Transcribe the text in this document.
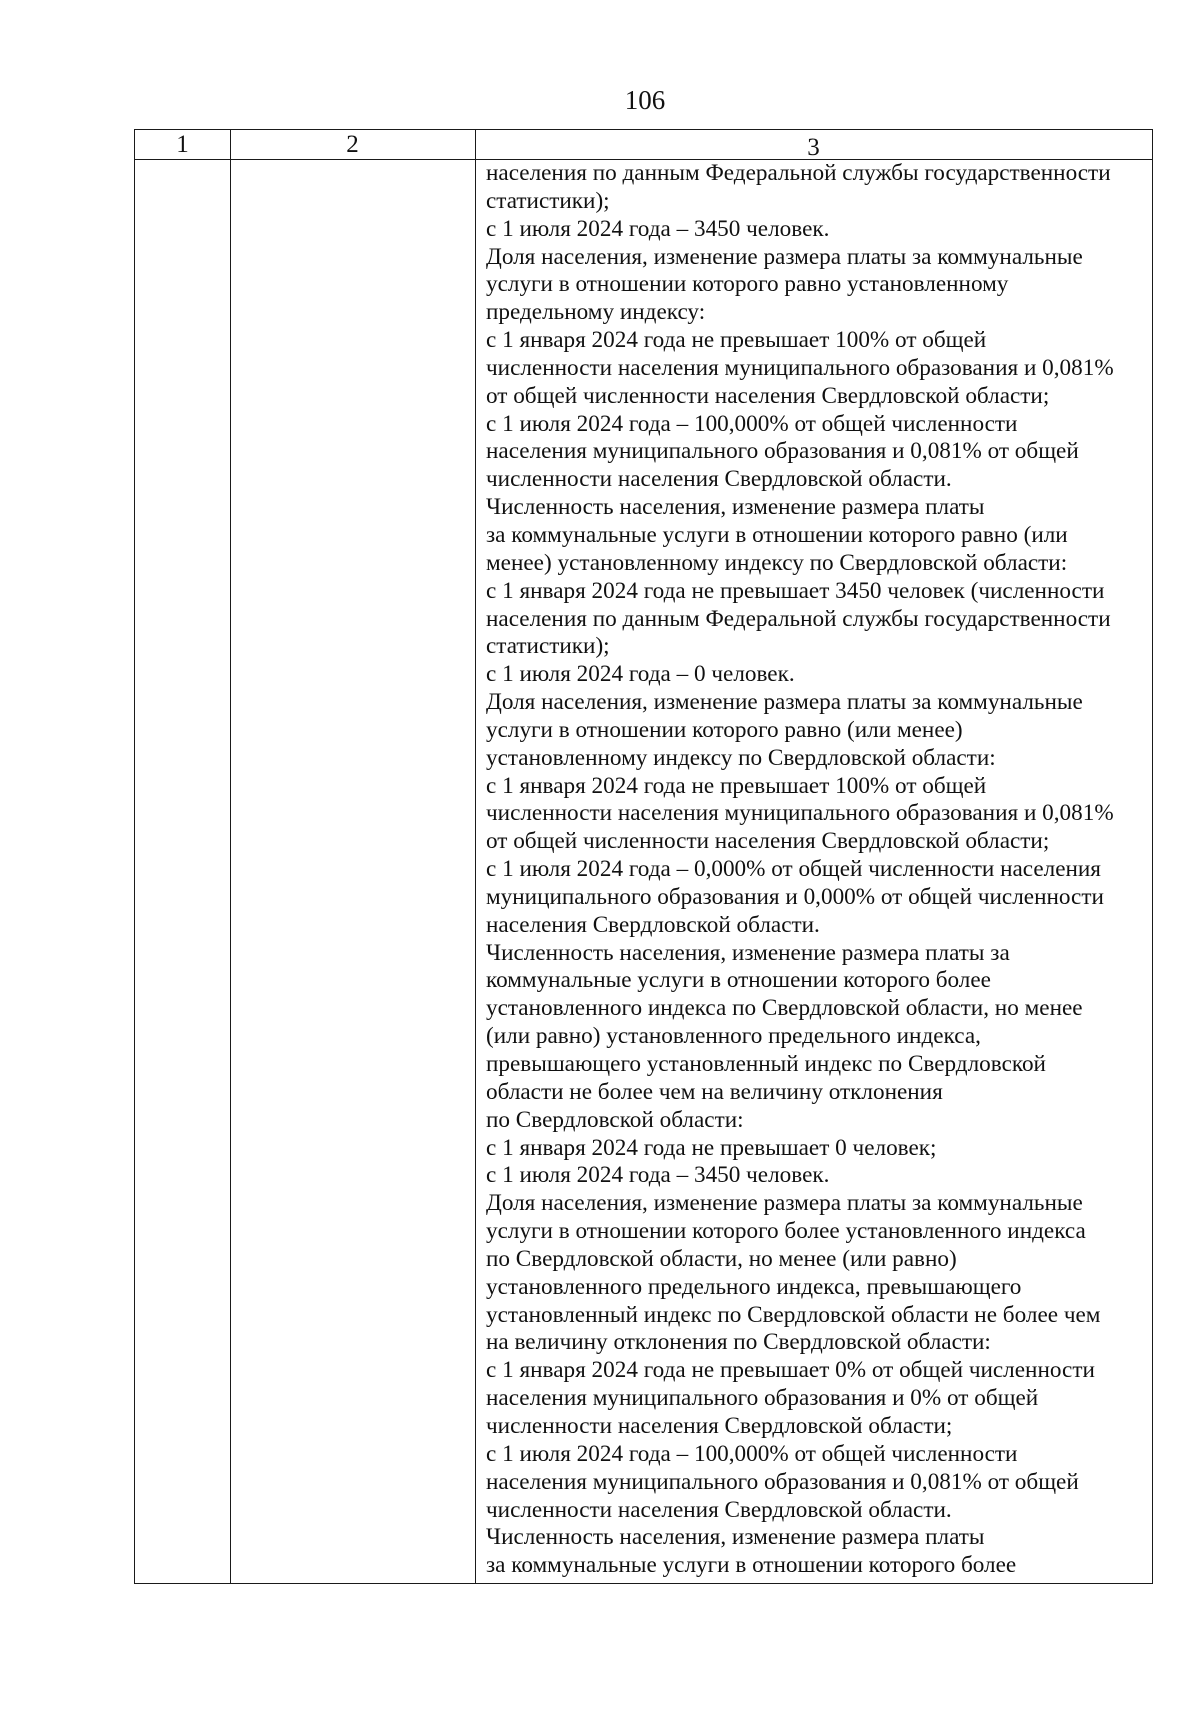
106
1	2	3
населения по данным Федеральной службы государственности
статистики);
с 1 июля 2024 года – 3450 человек.
Доля населения, изменение размера платы за коммунальные
услуги в отношении которого равно установленному
предельному индексу:
с 1 января 2024 года не превышает 100% от общей
численности населения муниципального образования и 0,081%
от общей численности населения Свердловской области;
с 1 июля 2024 года – 100,000% от общей численности
населения муниципального образования и 0,081% от общей
численности населения Свердловской области.
Численность населения, изменение размера платы
за коммунальные услуги в отношении которого равно (или
менее) установленному индексу по Свердловской области:
с 1 января 2024 года не превышает 3450 человек (численности
населения по данным Федеральной службы государственности
статистики);
с 1 июля 2024 года – 0 человек.
Доля населения, изменение размера платы за коммунальные
услуги в отношении которого равно (или менее)
установленному индексу по Свердловской области:
с 1 января 2024 года не превышает 100% от общей
численности населения муниципального образования и 0,081%
от общей численности населения Свердловской области;
с 1 июля 2024 года – 0,000% от общей численности населения
муниципального образования и 0,000% от общей численности
населения Свердловской области.
Численность населения, изменение размера платы за
коммунальные услуги в отношении которого более
установленного индекса по Свердловской области, но менее
(или равно) установленного предельного индекса,
превышающего установленный индекс по Свердловской
области не более чем на величину отклонения
по Свердловской области:
с 1 января 2024 года не превышает 0 человек;
с 1 июля 2024 года – 3450 человек.
Доля населения, изменение размера платы за коммунальные
услуги в отношении которого более установленного индекса
по Свердловской области, но менее (или равно)
установленного предельного индекса, превышающего
установленный индекс по Свердловской области не более чем
на величину отклонения по Свердловской области:
с 1 января 2024 года не превышает 0% от общей численности
населения муниципального образования и 0% от общей
численности населения Свердловской области;
с 1 июля 2024 года – 100,000% от общей численности
населения муниципального образования и 0,081% от общей
численности населения Свердловской области.
Численность населения, изменение размера платы
за коммунальные услуги в отношении которого более
